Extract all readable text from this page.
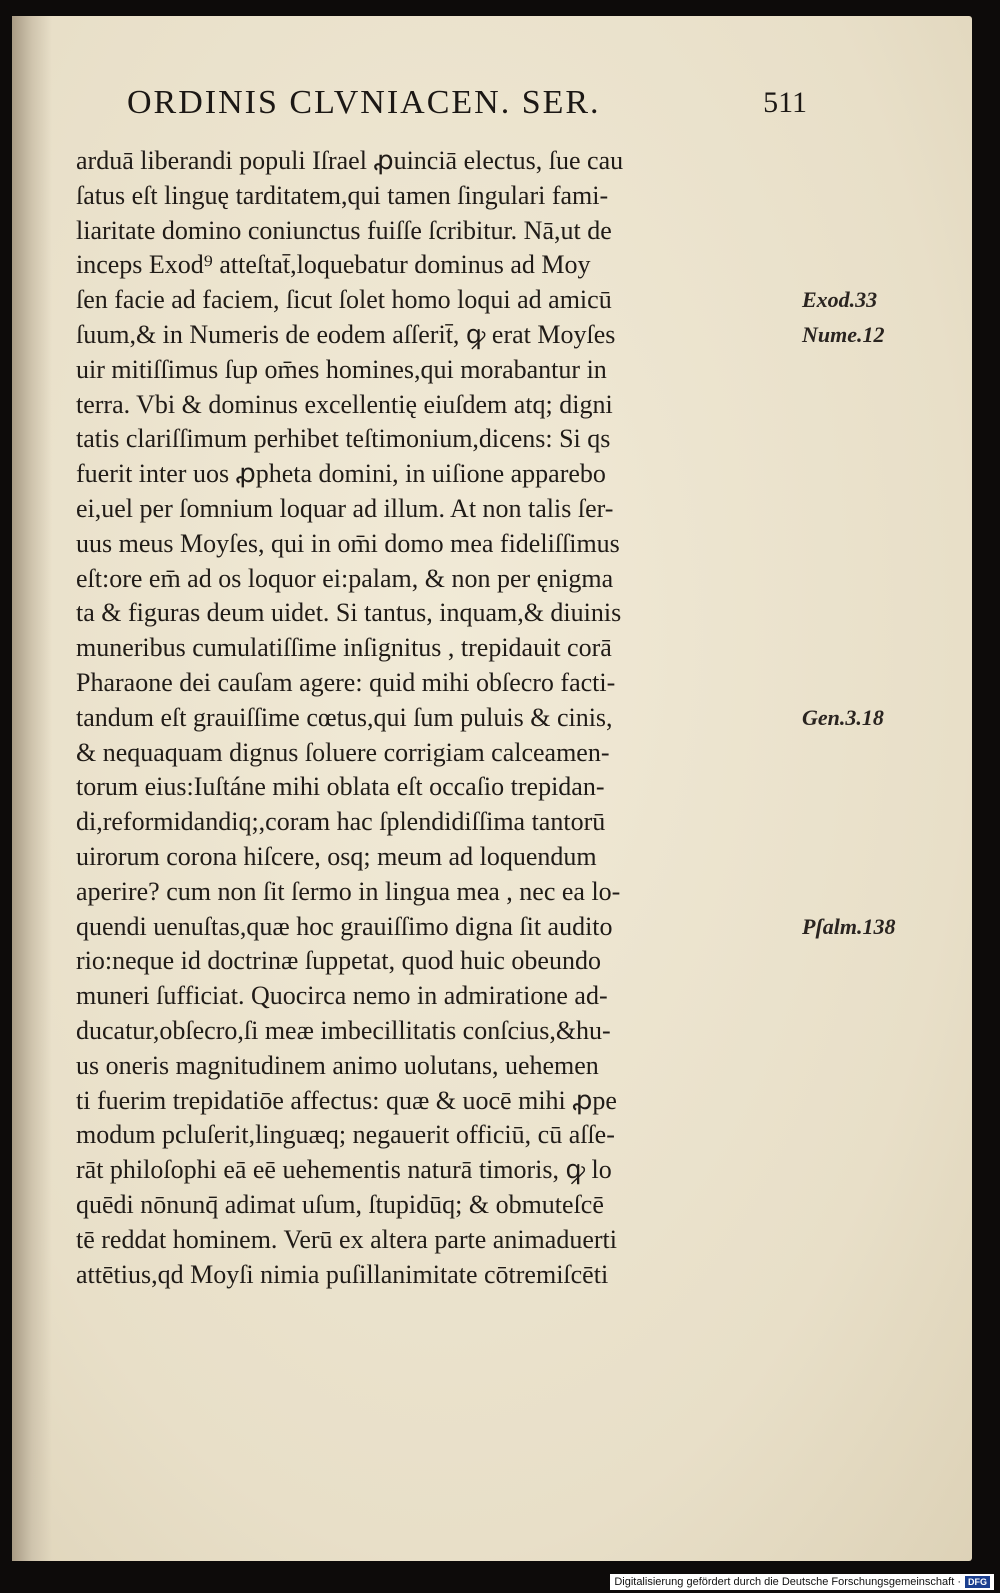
ORDINIS CLVNIACEN. SER.	511
arduā liberandi populi Iſrael ꝓuinciā electus, ſue cau
ſatus eſt linguę tarditatem,qui tamen ſingulari fami-
liaritate domino coniunctus fuiſſe ſcribitur. Nā,ut de
inceps Exod⁹ atteſtat̄,loquebatur dominus ad Moy
ſen facie ad faciem, ſicut ſolet homo loqui ad amicū
ſuum,& in Numeris de eodem aſſerit̄, ꝙ erat Moyſes
uir mitiſſimus ſup om̄es homines,qui morabantur in
terra. Vbi & dominus excellentię eiuſdem atq; digni
tatis clariſſimum perhibet teſtimonium,dicens: Si qs
fuerit inter uos ꝓpheta domini, in uiſione apparebo
ei,uel per ſomnium loquar ad illum. At non talis ſer-
uus meus Moyſes, qui in om̄i domo mea fideliſſimus
eſt:ore em̄ ad os loquor ei:palam, & non per ęnigma
ta & figuras deum uidet. Si tantus, inquam,& diuinis
muneribus cumulatiſſime inſignitus , trepidauit corā
Pharaone dei cauſam agere: quid mihi obſecro facti-
tandum eſt grauiſſime cœtus,qui ſum puluis & cinis,
& nequaquam dignus ſoluere corrigiam calceamen-
torum eius:Iuſtáne mihi oblata eſt occaſio trepidan-
di,reformidandiq;,coram hac ſplendidiſſima tantorū
uirorum corona hiſcere, osq; meum ad loquendum
aperire? cum non ſit ſermo in lingua mea , nec ea lo-
quendi uenuſtas,quæ hoc grauiſſimo digna ſit audito
rio:neque id doctrinæ ſuppetat, quod huic obeundo
muneri ſufficiat. Quocirca nemo in admiratione ad-
ducatur,obſecro,ſi meæ imbecillitatis conſcius,&hu-
us oneris magnitudinem animo uolutans, uehemen
ti fuerim trepidatiōe affectus: quæ & uocē mihi ꝓpe
modum pcluſerit,linguæq; negauerit officiū, cū aſſe-
rāt philoſophi eā eē uehementis naturā timoris, ꝙ lo
quēdi nōnunq̄ adimat uſum, ſtupidūq; & obmuteſcē
tē reddat hominem. Verū ex altera parte animaduerti
attētius,qd Moyſi nimia puſillanimitate cōtremiſcēti
Exod.33
Nume.12
Gen.3.18
Pſalm.138
Digitalisierung gefördert durch die Deutsche Forschungsgemeinschaft · DFG
